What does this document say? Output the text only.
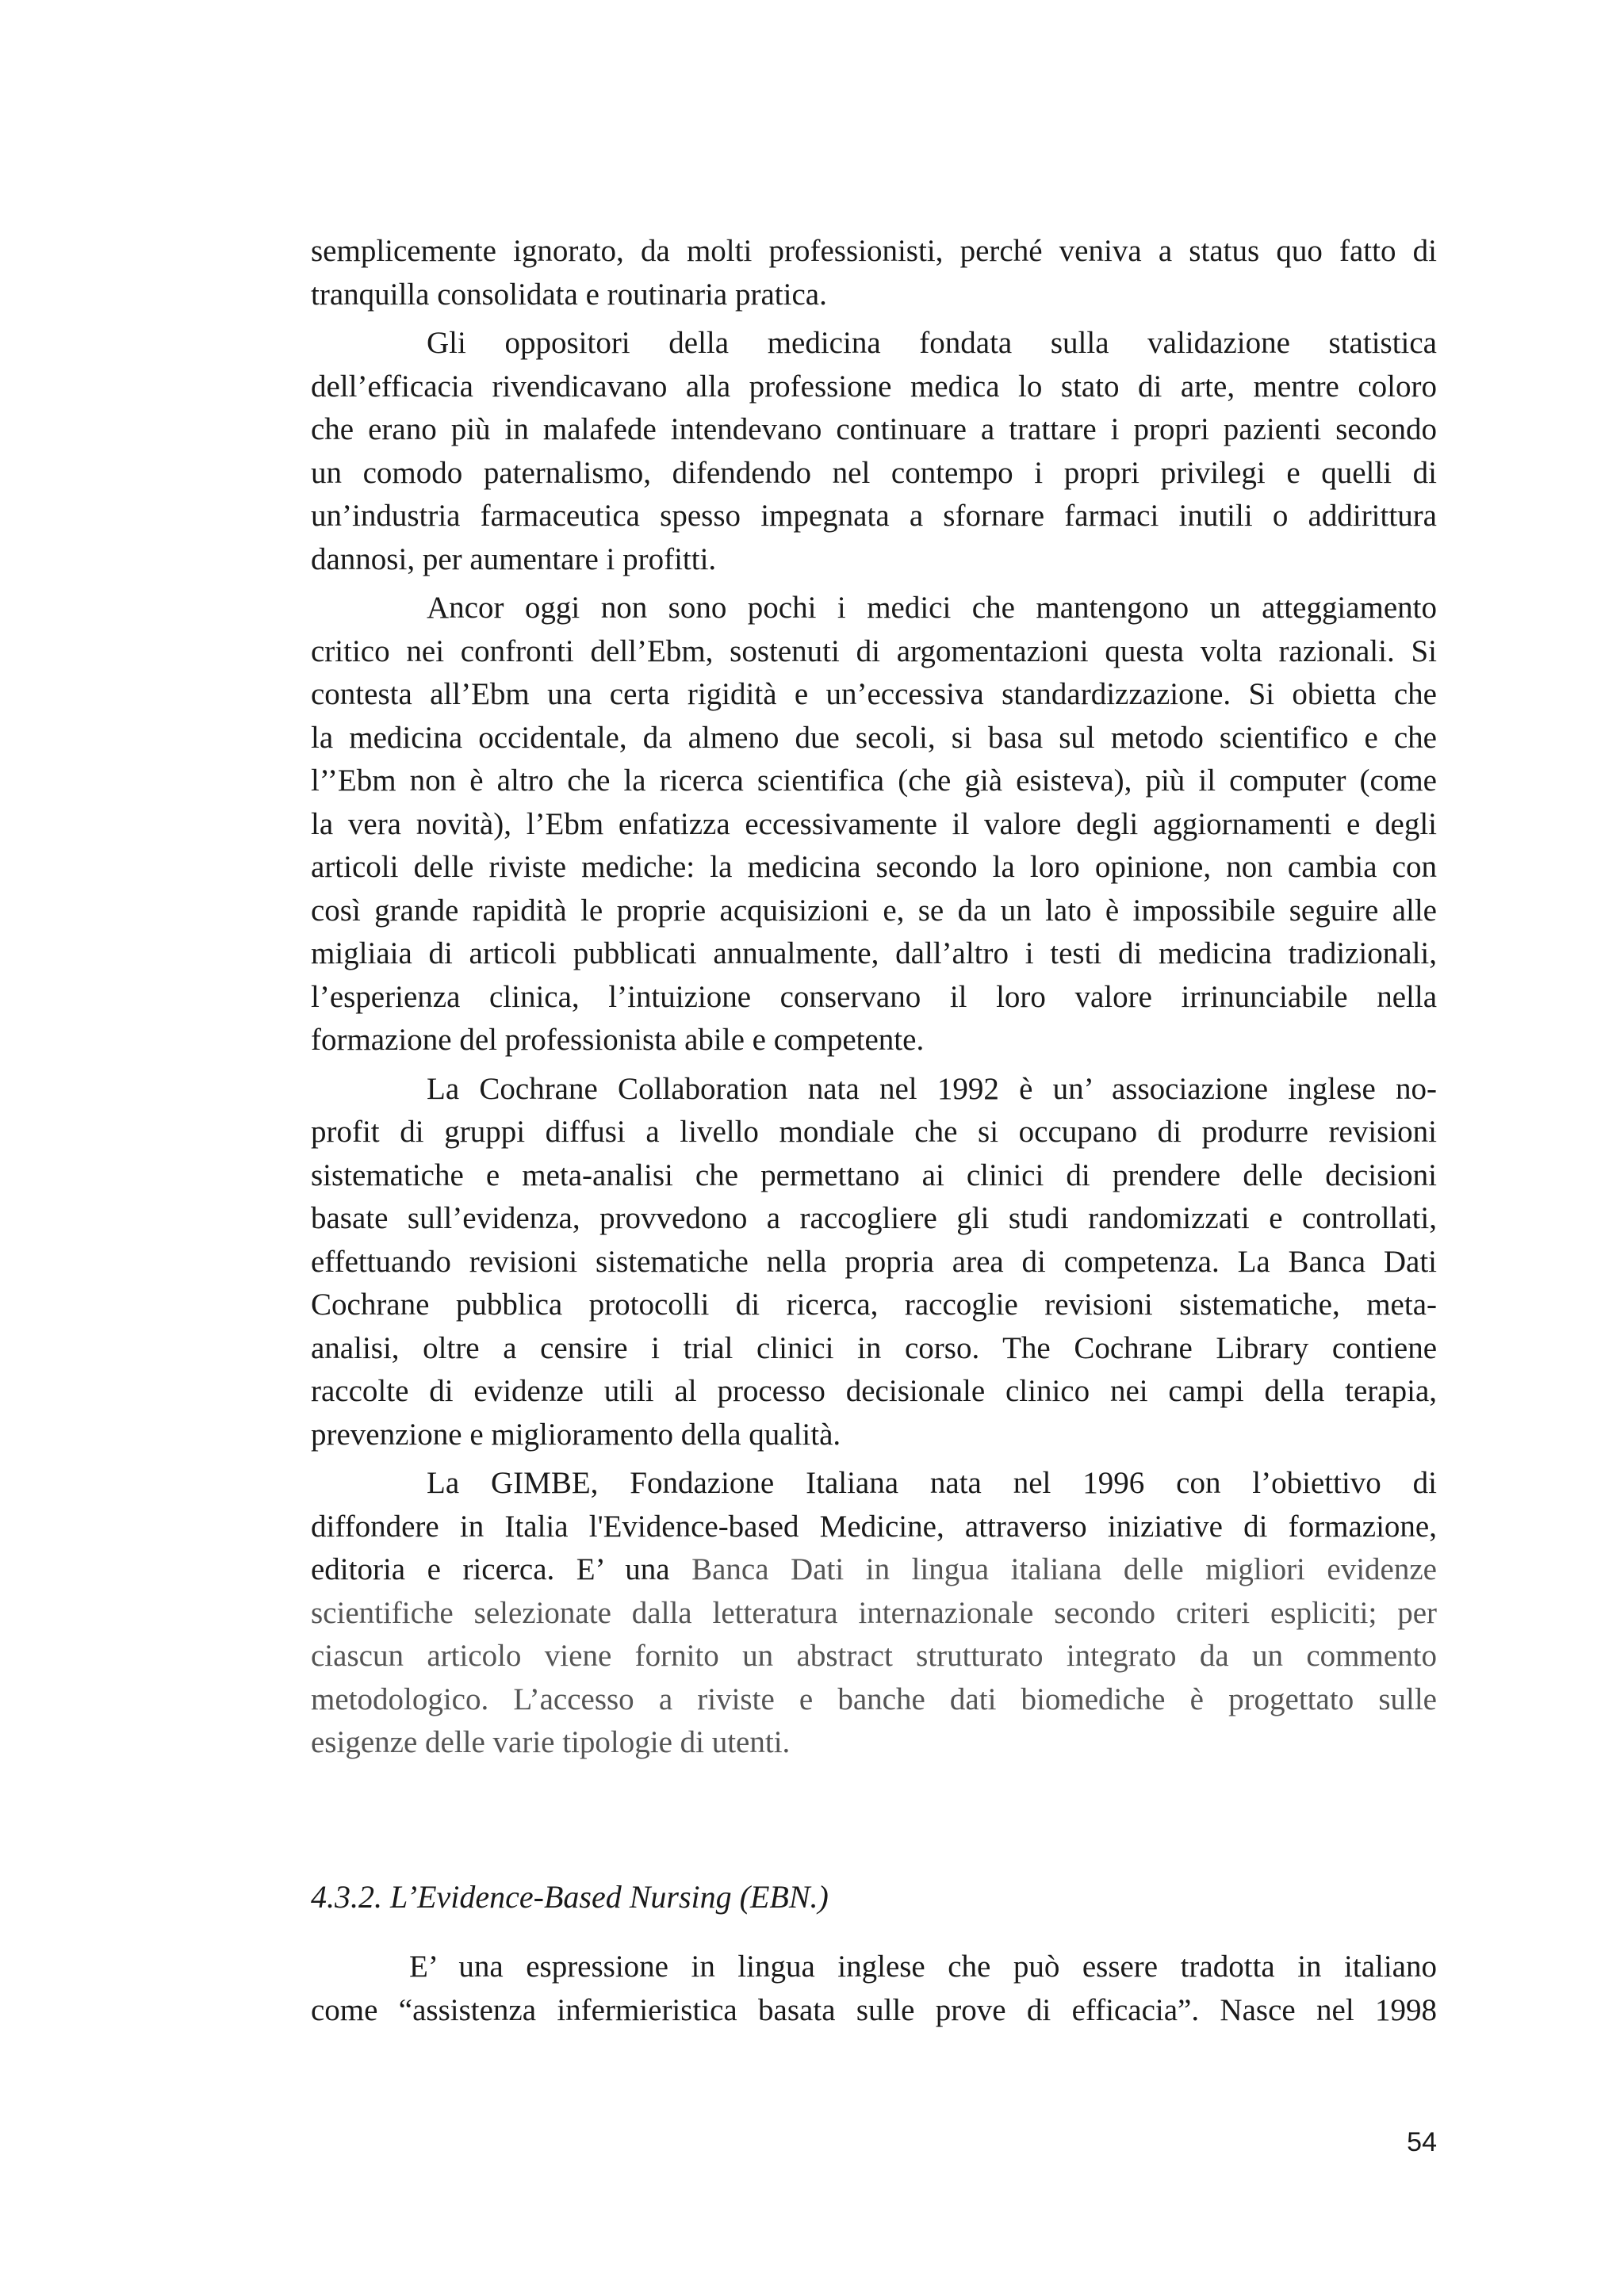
semplicemente ignorato, da molti professionisti, perché veniva a status quo fatto di
tranquilla consolidata e routinaria pratica.
Gli oppositori della medicina fondata sulla validazione statistica
dell’efficacia rivendicavano alla professione medica lo stato di arte, mentre coloro
che erano più in malafede intendevano continuare a trattare i propri pazienti secondo
un comodo paternalismo, difendendo nel contempo i propri privilegi e quelli di
un’industria farmaceutica spesso impegnata a sfornare farmaci inutili o addirittura
dannosi, per aumentare i profitti.
Ancor oggi non sono pochi i medici che mantengono un atteggiamento
critico nei confronti dell’Ebm, sostenuti di argomentazioni questa volta razionali. Si
contesta all’Ebm una certa rigidità e un’eccessiva standardizzazione. Si obietta che
la medicina occidentale, da almeno due secoli, si basa sul metodo scientifico e che
l’’Ebm non è altro che la ricerca scientifica (che già esisteva), più il computer (come
la vera novità), l’Ebm enfatizza eccessivamente il valore degli aggiornamenti e degli
articoli delle riviste mediche: la medicina secondo la loro opinione, non cambia con
così grande rapidità le proprie acquisizioni e, se da un lato è impossibile seguire alle
migliaia di articoli pubblicati annualmente, dall’altro i testi di medicina tradizionali,
l’esperienza clinica, l’intuizione conservano il loro valore irrinunciabile nella
formazione del professionista abile e competente.
La Cochrane Collaboration nata nel 1992 è un’ associazione inglese no-
profit di gruppi diffusi a livello mondiale che si occupano di produrre revisioni
sistematiche e meta-analisi che permettano ai clinici di prendere delle decisioni
basate sull’evidenza, provvedono a raccogliere gli studi randomizzati e controllati,
effettuando revisioni sistematiche nella propria area di competenza. La Banca Dati
Cochrane pubblica protocolli di ricerca, raccoglie revisioni sistematiche, meta-
analisi, oltre a censire i trial clinici in corso. The Cochrane Library contiene
raccolte di evidenze utili al processo decisionale clinico nei campi della terapia,
prevenzione e miglioramento della qualità.
La GIMBE, Fondazione Italiana nata nel 1996 con l’obiettivo di
diffondere in Italia l'Evidence-based Medicine, attraverso iniziative di formazione,
editoria e ricerca. E’ una Banca Dati in lingua italiana delle migliori evidenze
scientifiche selezionate dalla letteratura internazionale secondo criteri espliciti; per
ciascun articolo viene fornito un abstract strutturato integrato da un commento
metodologico. L’accesso a riviste e banche dati biomediche è progettato sulle
esigenze delle varie tipologie di utenti.
4.3.2. L’Evidence-Based Nursing (EBN.)
E’ una espressione in lingua inglese che può essere tradotta in italiano
come “assistenza infermieristica basata sulle prove di efficacia”. Nasce nel 1998
54
